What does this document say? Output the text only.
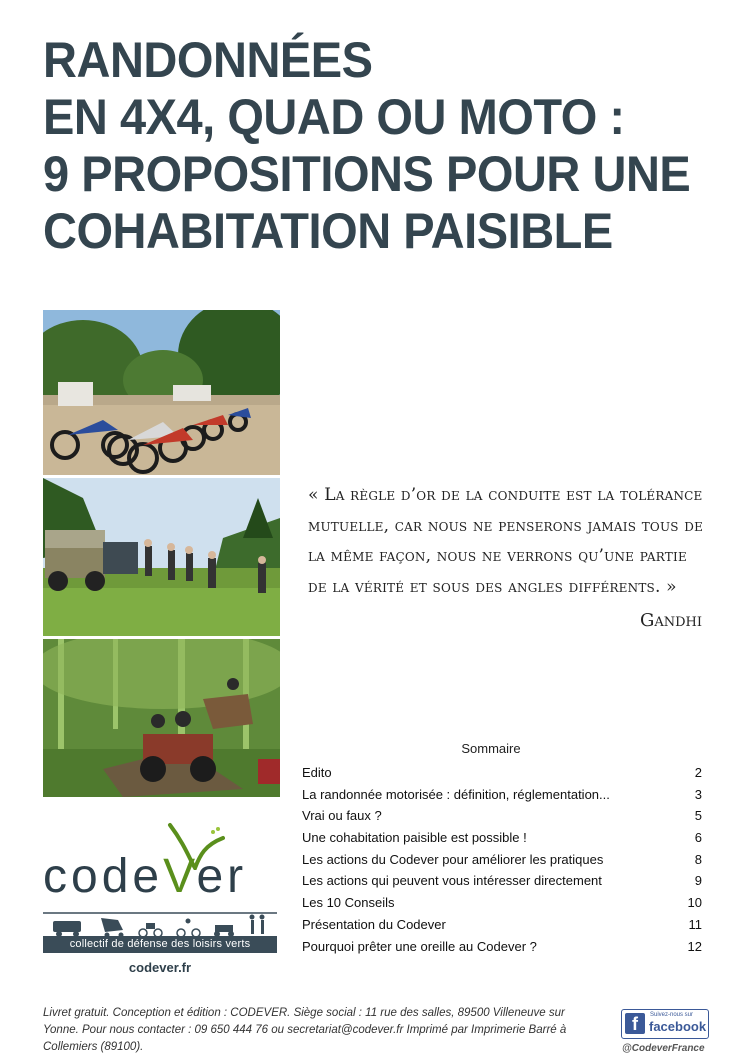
RANDONNÉES
EN 4X4, QUAD OU MOTO :
9 PROPOSITIONS POUR UNE
COHABITATION PAISIBLE
« La règle d’or de la conduite est la tolérance mutuelle, car nous ne penserons jamais tous de la même façon, nous ne verrons qu’une partie de la vérité et sous des angles différents. »
Gandhi
Sommaire
Edito	2
La randonnée motorisée : définition, réglementation...	3
Vrai ou faux ?	5
Une cohabitation paisible est possible !	6
Les actions du Codever pour améliorer les pratiques	8
Les actions qui peuvent vous intéresser directement	9
Les 10 Conseils	10
Présentation du Codever	11
Pourquoi prêter une oreille au Codever ?	12
codeVer
collectif de défense des loisirs verts
codever.fr
Livret gratuit. Conception et édition : CODEVER. Siège social : 11 rue des salles, 89500 Villeneuve sur Yonne. Pour nous contacter : 09 650 444 76 ou secretariat@codever.fr Imprimé par Imprimerie Barré à Collemiers (89100).
f	Suivez-nous sur
facebook
@CodeverFrance
